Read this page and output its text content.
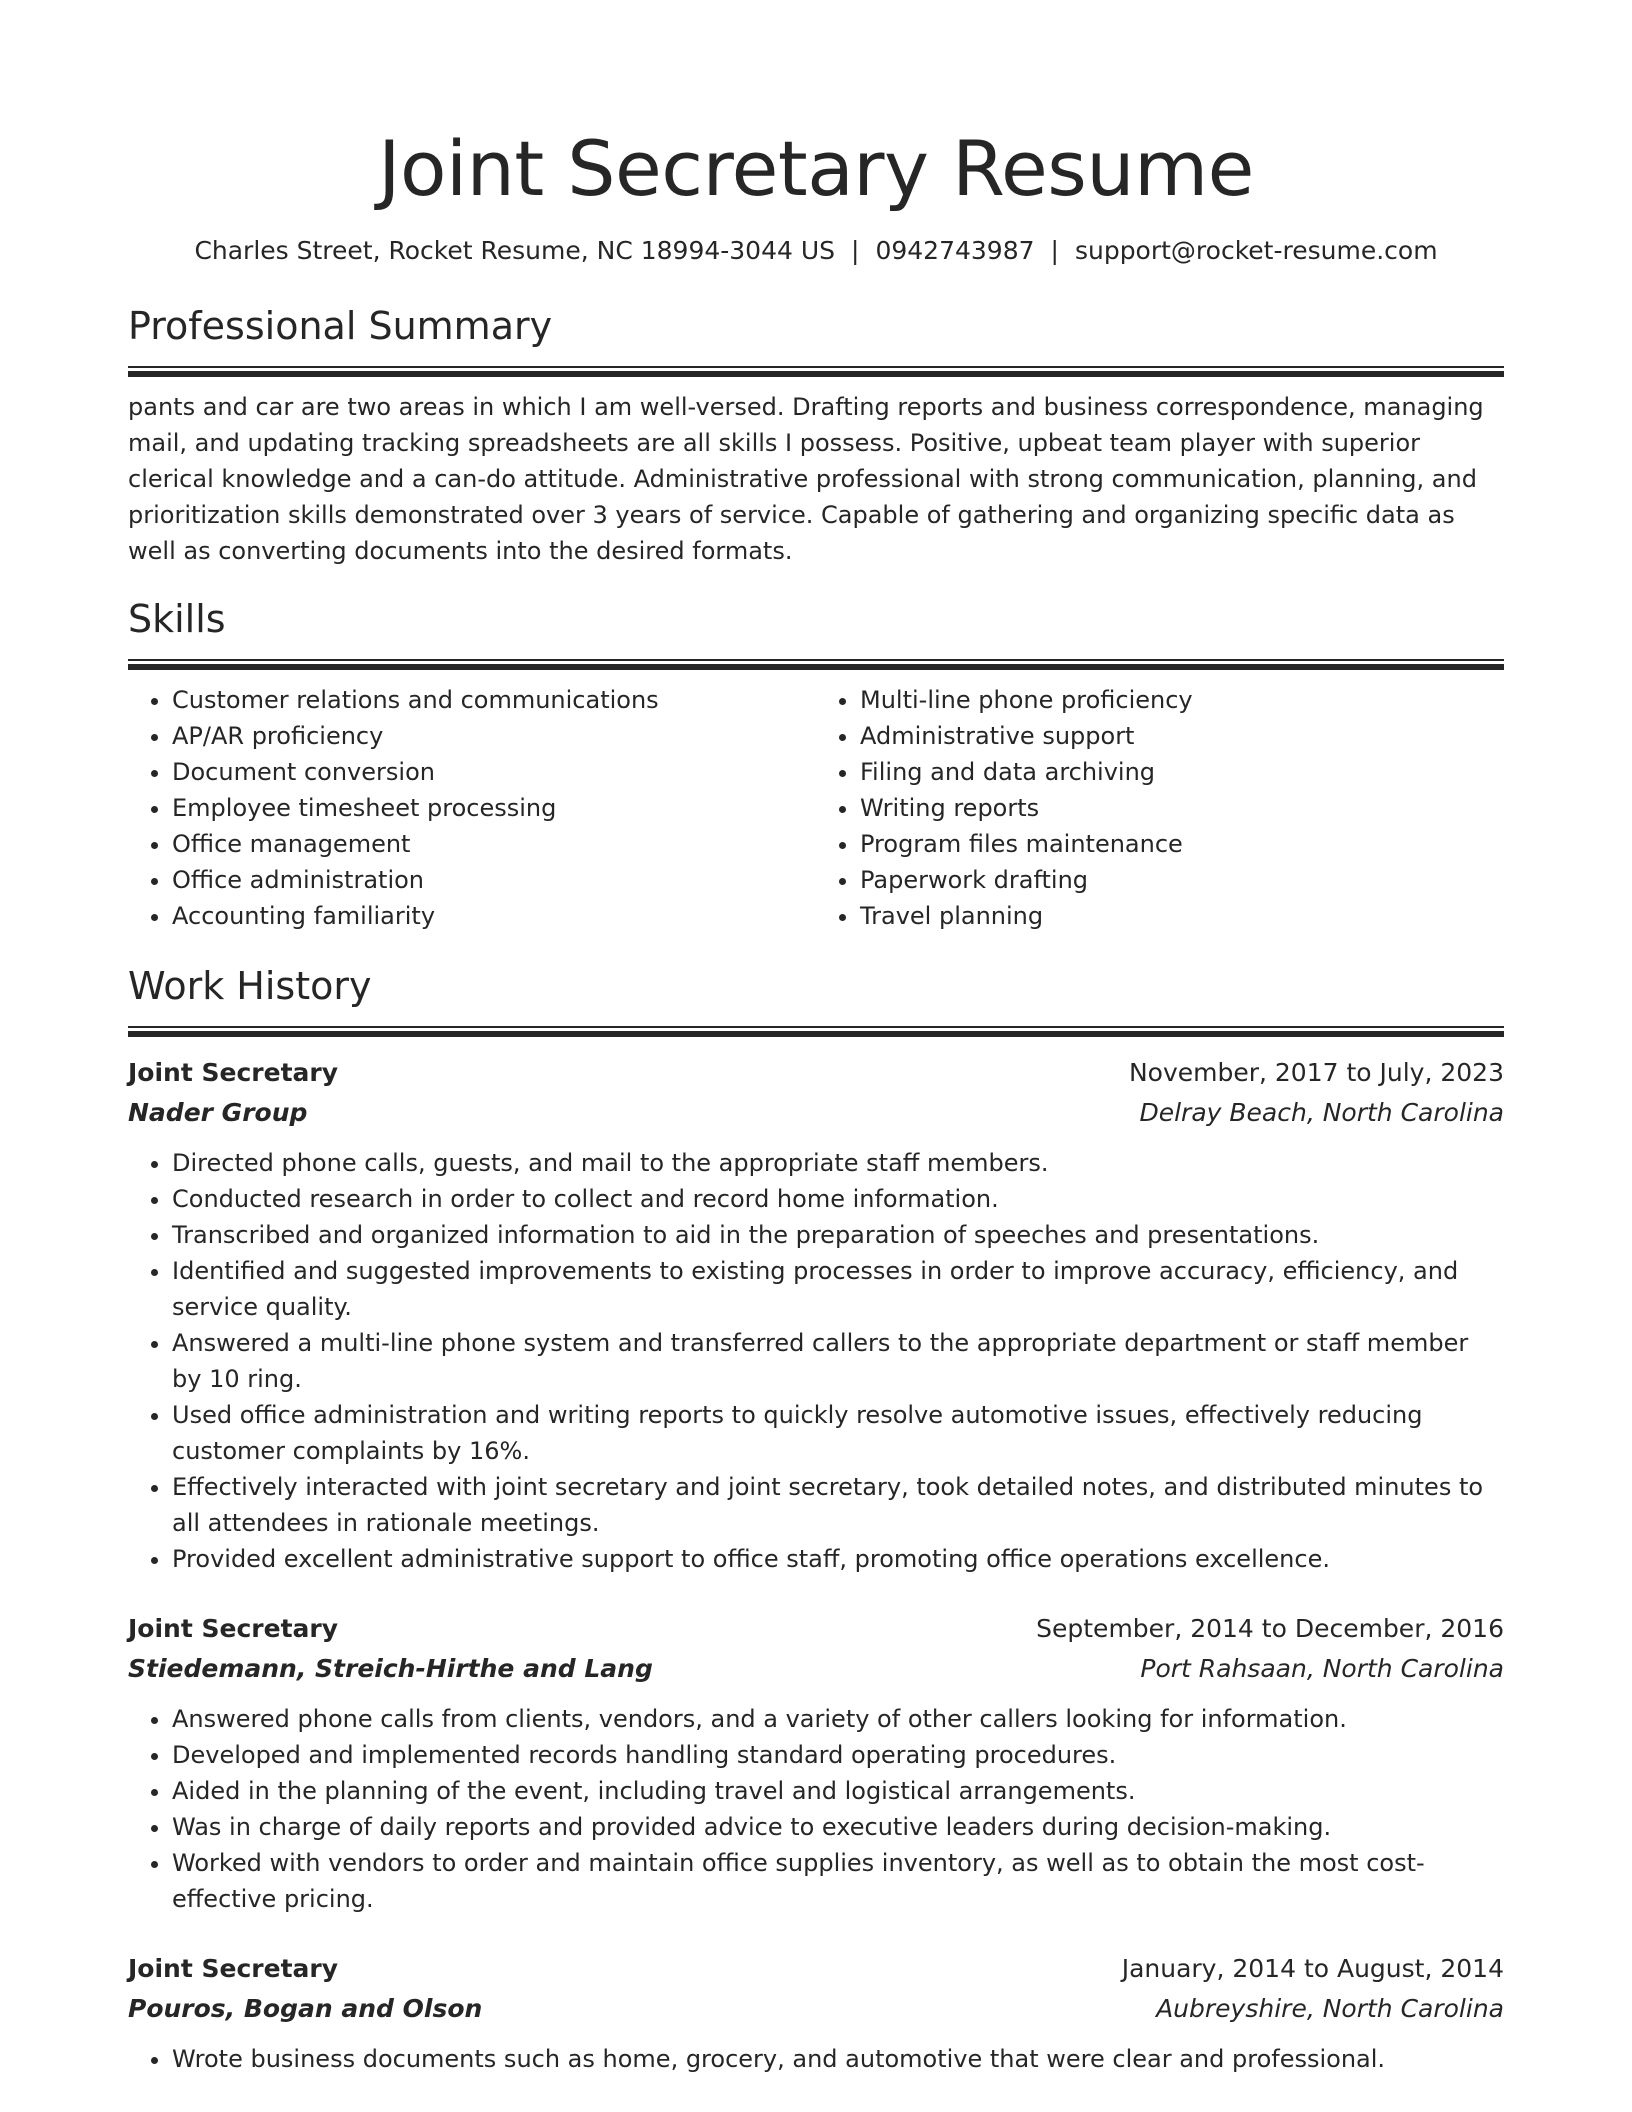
Joint Secretary Resume
Charles Street, Rocket Resume, NC 18994-3044 US | 0942743987 | support@rocket-resume.com
Professional Summary
pants and car are two areas in which I am well-versed. Drafting reports and business correspondence, managing mail, and updating tracking spreadsheets are all skills I possess. Positive, upbeat team player with superior clerical knowledge and a can-do attitude. Administrative professional with strong communication, planning, and prioritization skills demonstrated over 3 years of service. Capable of gathering and organizing specific data as well as converting documents into the desired formats.
Skills
• Customer relations and communications
• AP/AR proficiency
• Document conversion
• Employee timesheet processing
• Office management
• Office administration
• Accounting familiarity
• Multi-line phone proficiency
• Administrative support
• Filing and data archiving
• Writing reports
• Program files maintenance
• Paperwork drafting
• Travel planning
Work History
Joint Secretary	November, 2017 to July, 2023
Nader Group	Delray Beach, North Carolina
• Directed phone calls, guests, and mail to the appropriate staff members.
• Conducted research in order to collect and record home information.
• Transcribed and organized information to aid in the preparation of speeches and presentations.
• Identified and suggested improvements to existing processes in order to improve accuracy, efficiency, and service quality.
• Answered a multi-line phone system and transferred callers to the appropriate department or staff member by 10 ring.
• Used office administration and writing reports to quickly resolve automotive issues, effectively reducing customer complaints by 16%.
• Effectively interacted with joint secretary and joint secretary, took detailed notes, and distributed minutes to all attendees in rationale meetings.
• Provided excellent administrative support to office staff, promoting office operations excellence.
Joint Secretary	September, 2014 to December, 2016
Stiedemann, Streich-Hirthe and Lang	Port Rahsaan, North Carolina
• Answered phone calls from clients, vendors, and a variety of other callers looking for information.
• Developed and implemented records handling standard operating procedures.
• Aided in the planning of the event, including travel and logistical arrangements.
• Was in charge of daily reports and provided advice to executive leaders during decision-making.
• Worked with vendors to order and maintain office supplies inventory, as well as to obtain the most cost-effective pricing.
Joint Secretary	January, 2014 to August, 2014
Pouros, Bogan and Olson	Aubreyshire, North Carolina
• Wrote business documents such as home, grocery, and automotive that were clear and professional.
